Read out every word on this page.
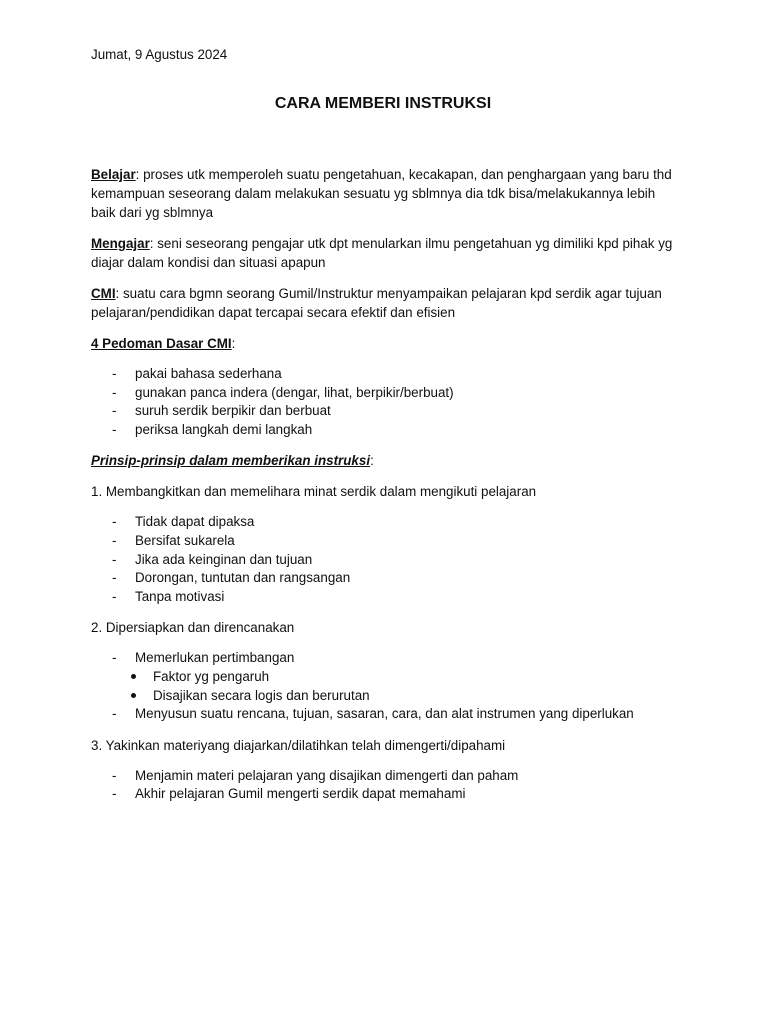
Jumat, 9 Agustus 2024
CARA MEMBERI INSTRUKSI

Belajar: proses utk memperoleh suatu pengetahuan, kecakapan, dan penghargaan yang baru thd kemampuan seseorang dalam melakukan sesuatu yg sblmnya dia tdk bisa/melakukannya lebih baik dari yg sblmnya

Mengajar: seni seseorang pengajar utk dpt menularkan ilmu pengetahuan yg dimiliki kpd pihak yg diajar dalam kondisi dan situasi apapun

CMI: suatu cara bgmn seorang Gumil/Instruktur menyampaikan pelajaran kpd serdik agar tujuan pelajaran/pendidikan dapat tercapai secara efektif dan efisien

4 Pedoman Dasar CMI:

- pakai bahasa sederhana
- gunakan panca indera (dengar, lihat, berpikir/berbuat)
- suruh serdik berpikir dan berbuat
- periksa langkah demi langkah

Prinsip-prinsip dalam memberikan instruksi:

1. Membangkitkan dan memelihara minat serdik dalam mengikuti pelajaran

- Tidak dapat dipaksa
- Bersifat sukarela
- Jika ada keinginan dan tujuan
- Dorongan, tuntutan dan rangsangan
- Tanpa motivasi

2. Dipersiapkan dan direncanakan

- Memerlukan pertimbangan
Faktor yg pengaruh
Disajikan secara logis dan berurutan
- Menyusun suatu rencana, tujuan, sasaran, cara, dan alat instrumen yang diperlukan

3. Yakinkan materiyang diajarkan/dilatihkan telah dimengerti/dipahami

- Menjamin materi pelajaran yang disajikan dimengerti dan paham
- Akhir pelajaran Gumil mengerti serdik dapat memahami
